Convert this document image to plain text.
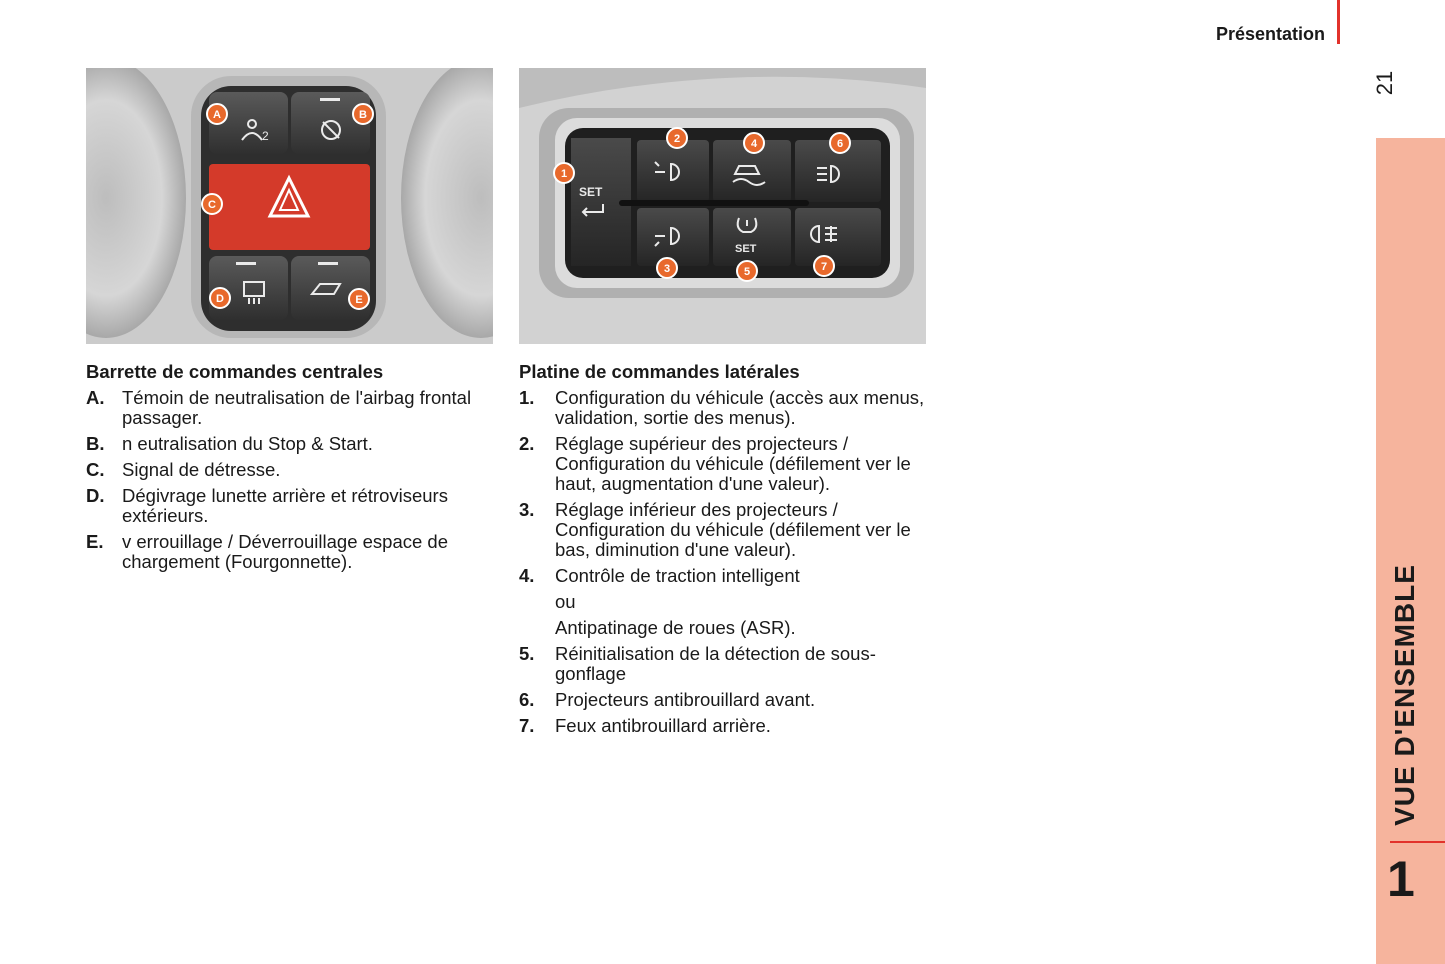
Présentation
21
VUE D'ENSEMBLE
1
2
A	B
C
D	E
SET
SET
1
2
3
4
5
6
7
Barrette de commandes centrales
A. Témoin de neutralisation de l'airbag frontal passager.
B. n eutralisation du Stop & Start.
C. Signal de détresse.
D. Dégivrage lunette arrière et rétroviseurs extérieurs.
E.	v errouillage / Déverrouillage espace de chargement (Fourgonnette).
Platine de commandes latérales
1.	Configuration du véhicule (accès aux menus, validation, sortie des menus).
2.	Réglage supérieur des projecteurs / Configuration du véhicule (défilement ver le haut, augmentation d'une valeur).
3.	Réglage inférieur des projecteurs / Configuration du véhicule (défilement ver le bas, diminution d'une valeur).
4.	Contrôle de traction intelligent
ou
Antipatinage de roues (ASR).
5.	Réinitialisation de la détection de sous-gonflage
6.	Projecteurs antibrouillard avant.
7.	Feux antibrouillard arrière.
